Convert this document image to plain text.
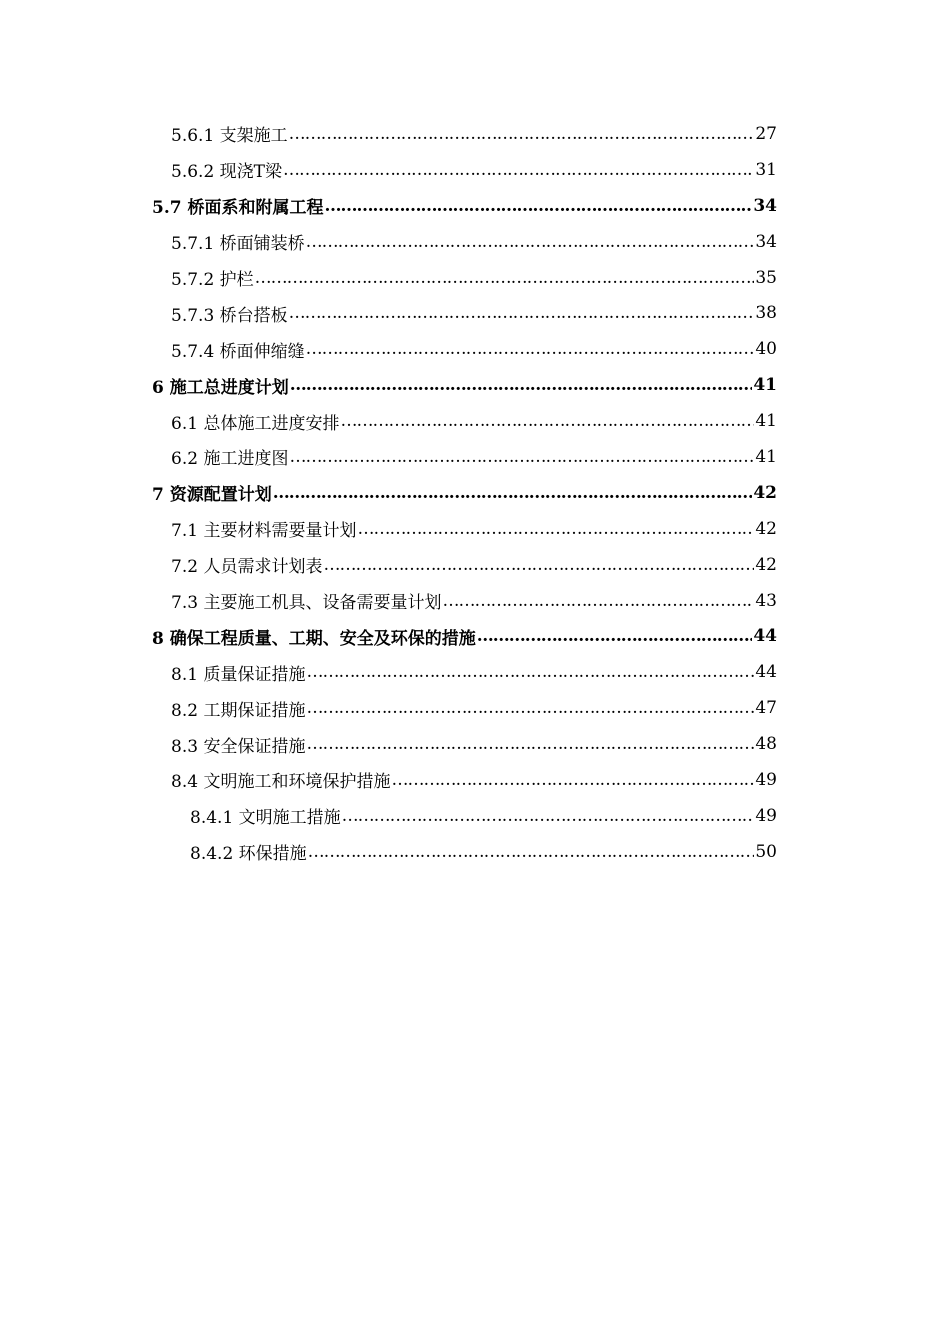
5.6.1 支架施工 ……………………………………………………………………………………………………………………………………………………………………………………………………………………………………………………………………………………………………………………………………………………………………………………………………………………………………………………………………	27
5.6.2 现浇T梁 ……………………………………………………………………………………………………………………………………………………………………………………………………………………………………………………………………………………………………………………………………………………………………………………………………………………………………………………………………	31
5.7 桥面系和附属工程 ……………………………………………………………………………………………………………………………………………………………………………………………………………………………………………………………………………………………………………………………………………………………………………………………………………………………………………………………………	34
5.7.1 桥面铺装桥 ……………………………………………………………………………………………………………………………………………………………………………………………………………………………………………………………………………………………………………………………………………………………………………………………………………………………………………………………………	34
5.7.2 护栏 ……………………………………………………………………………………………………………………………………………………………………………………………………………………………………………………………………………………………………………………………………………………………………………………………………………………………………………………………………	35
5.7.3 桥台搭板 ……………………………………………………………………………………………………………………………………………………………………………………………………………………………………………………………………………………………………………………………………………………………………………………………………………………………………………………………………	38
5.7.4 桥面伸缩缝 ……………………………………………………………………………………………………………………………………………………………………………………………………………………………………………………………………………………………………………………………………………………………………………………………………………………………………………………………………	40
6 施工总进度计划 ……………………………………………………………………………………………………………………………………………………………………………………………………………………………………………………………………………………………………………………………………………………………………………………………………………………………………………………………………	41
6.1 总体施工进度安排 ……………………………………………………………………………………………………………………………………………………………………………………………………………………………………………………………………………………………………………………………………………………………………………………………………………………………………………………………………	41
6.2 施工进度图 ……………………………………………………………………………………………………………………………………………………………………………………………………………………………………………………………………………………………………………………………………………………………………………………………………………………………………………………………………	41
7 资源配置计划 ……………………………………………………………………………………………………………………………………………………………………………………………………………………………………………………………………………………………………………………………………………………………………………………………………………………………………………………………………	42
7.1 主要材料需要量计划 ……………………………………………………………………………………………………………………………………………………………………………………………………………………………………………………………………………………………………………………………………………………………………………………………………………………………………………………………………	42
7.2 人员需求计划表 ……………………………………………………………………………………………………………………………………………………………………………………………………………………………………………………………………………………………………………………………………………………………………………………………………………………………………………………………………	42
7.3 主要施工机具、设备需要量计划 ……………………………………………………………………………………………………………………………………………………………………………………………………………………………………………………………………………………………………………………………………………………………………………………………………………………………………………………………………	43
8 确保工程质量、工期、安全及环保的措施 ……………………………………………………………………………………………………………………………………………………………………………………………………………………………………………………………………………………………………………………………………………………………………………………………………………………………………………………………………	44
8.1 质量保证措施 ……………………………………………………………………………………………………………………………………………………………………………………………………………………………………………………………………………………………………………………………………………………………………………………………………………………………………………………………………	44
8.2 工期保证措施 ……………………………………………………………………………………………………………………………………………………………………………………………………………………………………………………………………………………………………………………………………………………………………………………………………………………………………………………………………	47
8.3 安全保证措施 ……………………………………………………………………………………………………………………………………………………………………………………………………………………………………………………………………………………………………………………………………………………………………………………………………………………………………………………………………	48
8.4 文明施工和环境保护措施 ……………………………………………………………………………………………………………………………………………………………………………………………………………………………………………………………………………………………………………………………………………………………………………………………………………………………………………………………………	49
8.4.1 文明施工措施 ……………………………………………………………………………………………………………………………………………………………………………………………………………………………………………………………………………………………………………………………………………………………………………………………………………………………………………………………………	49
8.4.2 环保措施 ……………………………………………………………………………………………………………………………………………………………………………………………………………………………………………………………………………………………………………………………………………………………………………………………………………………………………………………………………	50
